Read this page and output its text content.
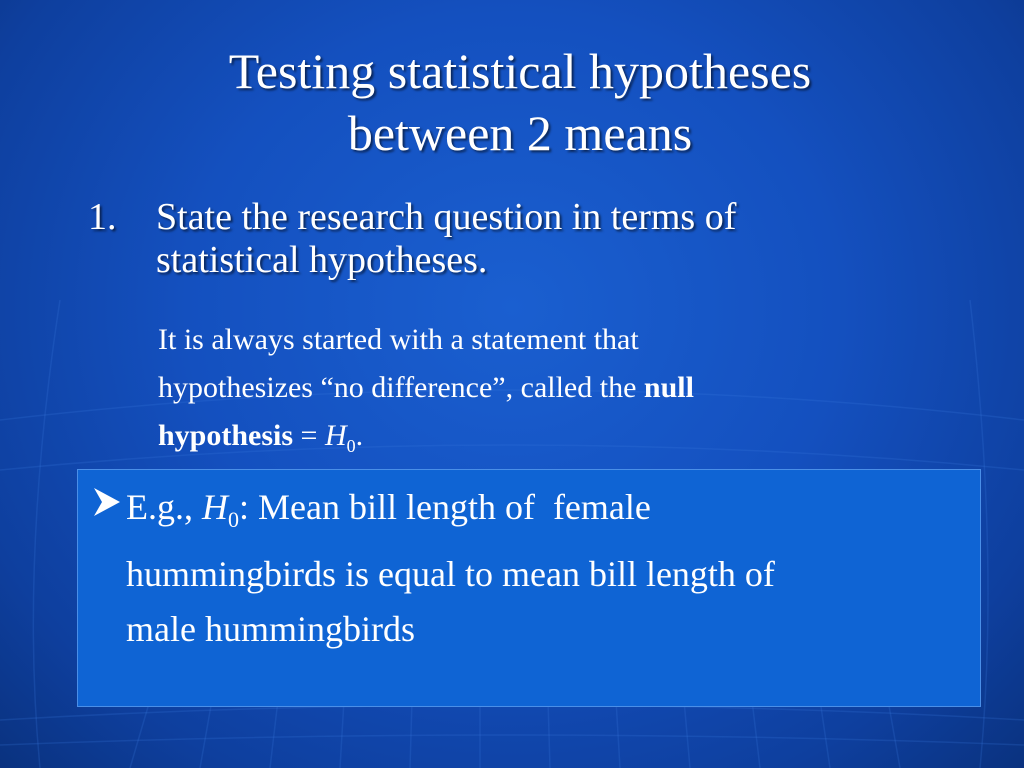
Testing statistical hypotheses
between 2 means
1. State the research question in terms of
statistical hypotheses.
It is always started with a statement that
hypothesizes “no difference”, called the null
hypothesis = $H_0$.
E.g., $H_0$: Mean bill length of  female
hummingbirds is equal to mean bill length of
male hummingbirds
